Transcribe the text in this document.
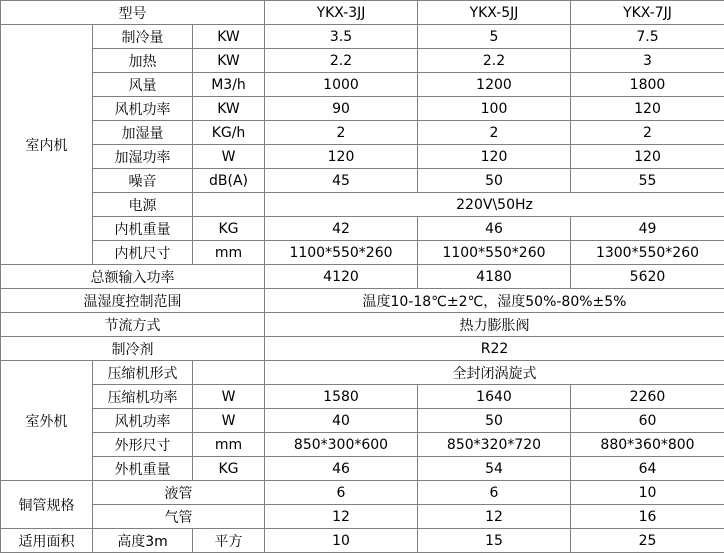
型号			YKX-3JJ	YKX-5JJ	YKX-7JJ
室内机	制冷量	KW	3.5	5	7.5
	加热	KW	2.2	2.2	3
	风量	M3/h	1000	1200	1800
	风机功率	KW	90	100	120
	加湿量	KG/h	2	2	2
	加湿功率	W	120	120	120
	噪音	dB(A)	45	50	55
	电源		220V\50Hz		
	内机重量	KG	42	46	49
	内机尺寸	mm	1100*550*260	1100*550*260	1300*550*260
总额输入功率			4120	4180	5620
温湿度控制范围			温度10-18℃±2℃，湿度50%-80%±5%		
节流方式			热力膨胀阀		
制冷剂			R22		
室外机	压缩机形式		全封闭涡旋式		
	压缩机功率	W	1580	1640	2260
	风机功率	W	40	50	60
	外形尺寸	mm	850*300*600	850*320*720	880*360*800
	外机重量	KG	46	54	64
铜管规格	液管		6	6	10
	气管		12	12	16
适用面积	高度3m	平方	10	15	25
